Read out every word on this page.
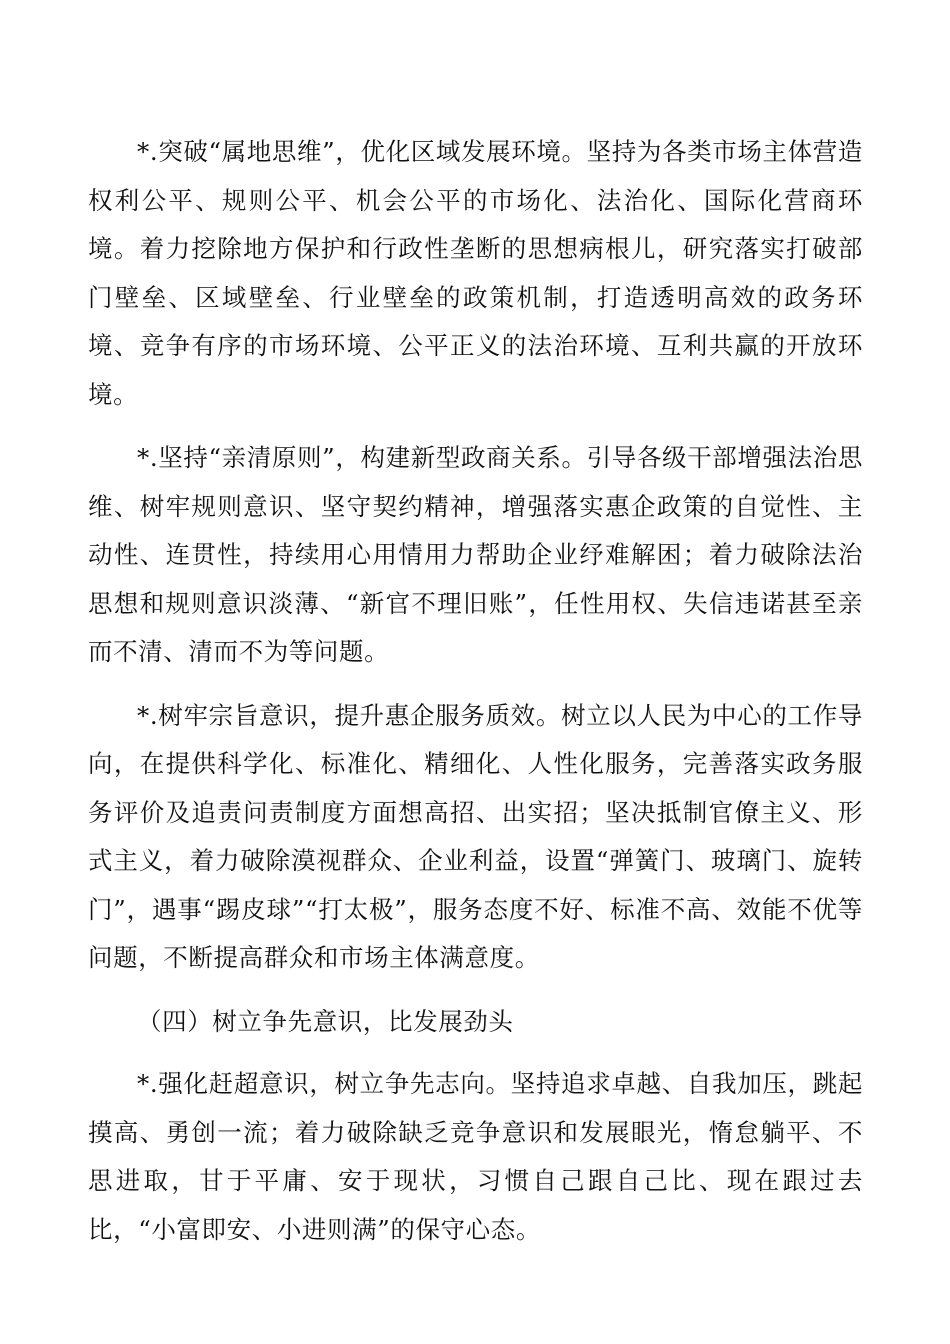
*.突破“属地思维”，优化区域发展环境。坚持为各类市场主体营造权利公平、规则公平、机会公平的市场化、法治化、国际化营商环境。着力挖除地方保护和行政性垄断的思想病根儿，研究落实打破部门壁垒、区域壁垒、行业壁垒的政策机制，打造透明高效的政务环境、竞争有序的市场环境、公平正义的法治环境、互利共赢的开放环境。

*.坚持“亲清原则”，构建新型政商关系。引导各级干部增强法治思维、树牢规则意识、坚守契约精神，增强落实惠企政策的自觉性、主动性、连贯性，持续用心用情用力帮助企业纾难解困；着力破除法治思想和规则意识淡薄、“新官不理旧账”，任性用权、失信违诺甚至亲而不清、清而不为等问题。

*.树牢宗旨意识，提升惠企服务质效。树立以人民为中心的工作导向，在提供科学化、标准化、精细化、人性化服务，完善落实政务服务评价及追责问责制度方面想高招、出实招；坚决抵制官僚主义、形式主义，着力破除漠视群众、企业利益，设置“弹簧门、玻璃门、旋转门”，遇事“踢皮球”“打太极”，服务态度不好、标准不高、效能不优等问题，不断提高群众和市场主体满意度。

（四）树立争先意识，比发展劲头

*.强化赶超意识，树立争先志向。坚持追求卓越、自我加压，跳起摸高、勇创一流；着力破除缺乏竞争意识和发展眼光，惰怠躺平、不思进取，甘于平庸、安于现状，习惯自己跟自己比、现在跟过去比，“小富即安、小进则满”的保守心态。
